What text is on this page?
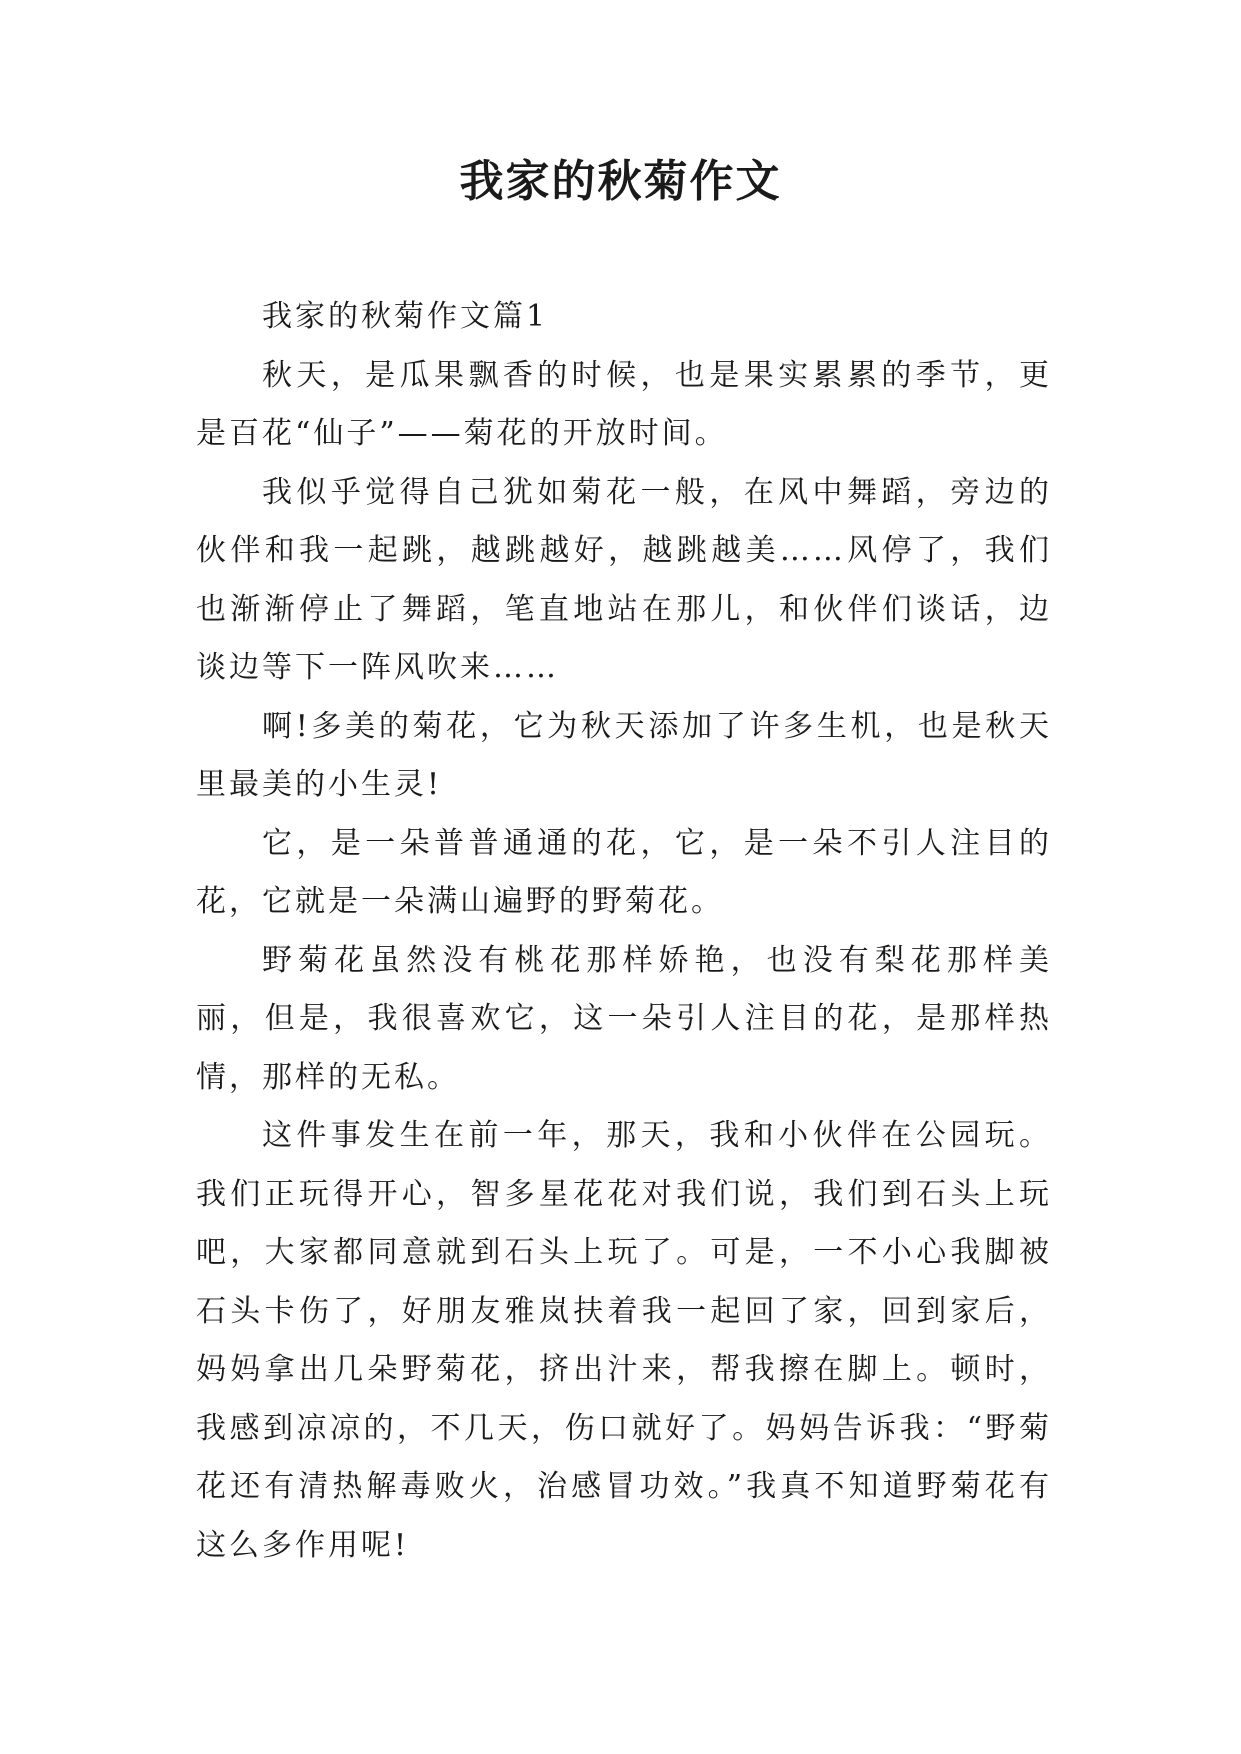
我家的秋菊作文

我家的秋菊作文篇1

秋天，是瓜果飘香的时候，也是果实累累的季节，更是百花“仙子”——菊花的开放时间。

我似乎觉得自己犹如菊花一般，在风中舞蹈，旁边的伙伴和我一起跳，越跳越好，越跳越美……风停了，我们也渐渐停止了舞蹈，笔直地站在那儿，和伙伴们谈话，边谈边等下一阵风吹来……

啊!多美的菊花，它为秋天添加了许多生机，也是秋天里最美的小生灵!

它，是一朵普普通通的花，它，是一朵不引人注目的花，它就是一朵满山遍野的野菊花。

野菊花虽然没有桃花那样娇艳，也没有梨花那样美丽，但是，我很喜欢它，这一朵引人注目的花，是那样热情，那样的无私。

这件事发生在前一年，那天，我和小伙伴在公园玩。我们正玩得开心，智多星花花对我们说，我们到石头上玩吧，大家都同意就到石头上玩了。可是，一不小心我脚被石头卡伤了，好朋友雅岚扶着我一起回了家，回到家后，妈妈拿出几朵野菊花，挤出汁来，帮我擦在脚上。顿时，我感到凉凉的，不几天，伤口就好了。妈妈告诉我：“野菊花还有清热解毒败火，治感冒功效。”我真不知道野菊花有这么多作用呢!
